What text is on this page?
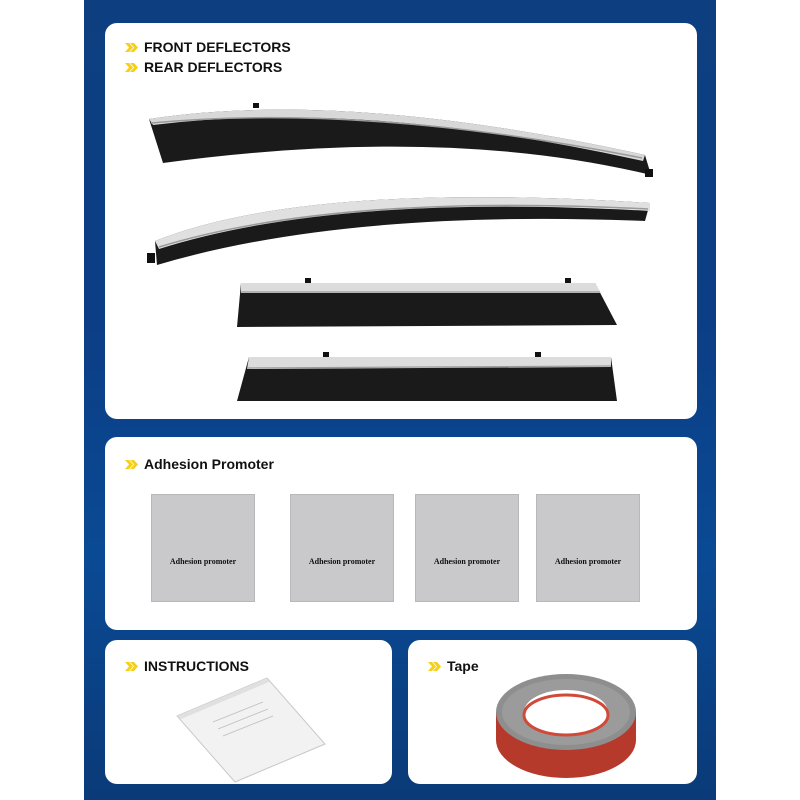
FRONT DEFLECTORS
REAR DEFLECTORS
Adhesion Promoter
Adhesion promoter	Adhesion promoter	Adhesion promoter	Adhesion promoter
INSTRUCTIONS	Tape
